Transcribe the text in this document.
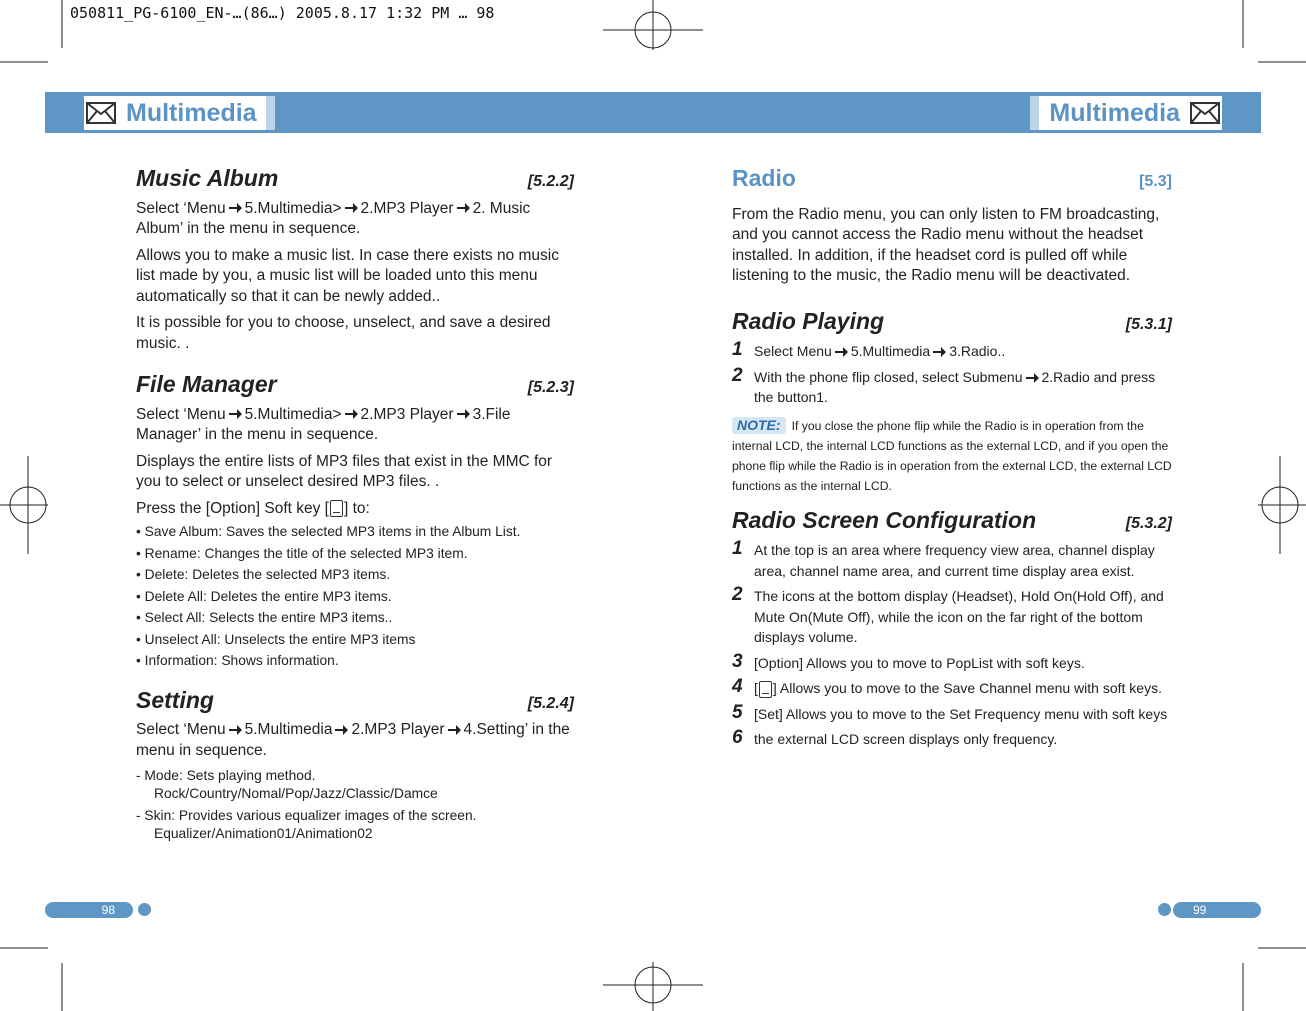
050811_PG-6100_EN-…(86…) 2005.8.17 1:32 PM … 98
Multimedia	Multimedia
Music Album	[5.2.2]

Select ‘Menu 5.Multimedia> 2.MP3 Player 2. Music Album’ in the menu in sequence.

Allows you to make a music list. In case there exists no music list made by you, a music list will be loaded unto this menu automatically so that it can be newly added..

It is possible for you to choose, unselect, and save a desired music. .

File Manager	[5.2.3]

Select ‘Menu 5.Multimedia> 2.MP3 Player 3.File Manager’ in the menu in sequence.

Displays the entire lists of MP3 files that exist in the MMC for you to select or unselect desired MP3 files. .

Press the [Option] Soft key [ ] to:

• Save Album: Saves the selected MP3 items in the Album List.
• Rename: Changes the title of the selected MP3 item.
• Delete: Deletes the selected MP3 items.
• Delete All: Deletes the entire MP3 items.
• Select All: Selects the entire MP3 items..
• Unselect All: Unselects the entire MP3 items
• Information: Shows information.
Setting	[5.2.4]

Select ‘Menu 5.Multimedia 2.MP3 Player 4.Setting’ in the menu in sequence.

- Mode: Sets playing method.
Rock/Country/Nomal/Pop/Jazz/Classic/Damce
- Skin: Provides various equalizer images of the screen.
Equalizer/Animation01/Animation02
Radio	[5.3]

From the Radio menu, you can only listen to FM broadcasting, and you cannot access the Radio menu without the headset installed. In addition, if the headset cord is pulled off while listening to the music, the Radio menu will be deactivated.

Radio Playing	[5.3.1]
1 Select Menu 5.Multimedia 3.Radio..
2 With the phone flip closed, select Submenu 2.Radio and press the button1.

NOTE: If you close the phone flip while the Radio is in operation from the internal LCD, the internal LCD functions as the external LCD, and if you open the phone flip while the Radio is in operation from the external LCD, the external LCD functions as the internal LCD.

Radio Screen Configuration	[5.3.2]
1 At the top is an area where frequency view area, channel display area, channel name area, and current time display area exist.
2 The icons at the bottom display (Headset), Hold On(Hold Off), and Mute On(Mute Off), while the icon on the far right of the bottom displays volume.
3 [Option] Allows you to move to PopList with soft keys.
4 [ ] Allows you to move to the Save Channel menu with soft keys.
5 [Set] Allows you to move to the Set Frequency menu with soft keys
6 the external LCD screen displays only frequency.
98	99
